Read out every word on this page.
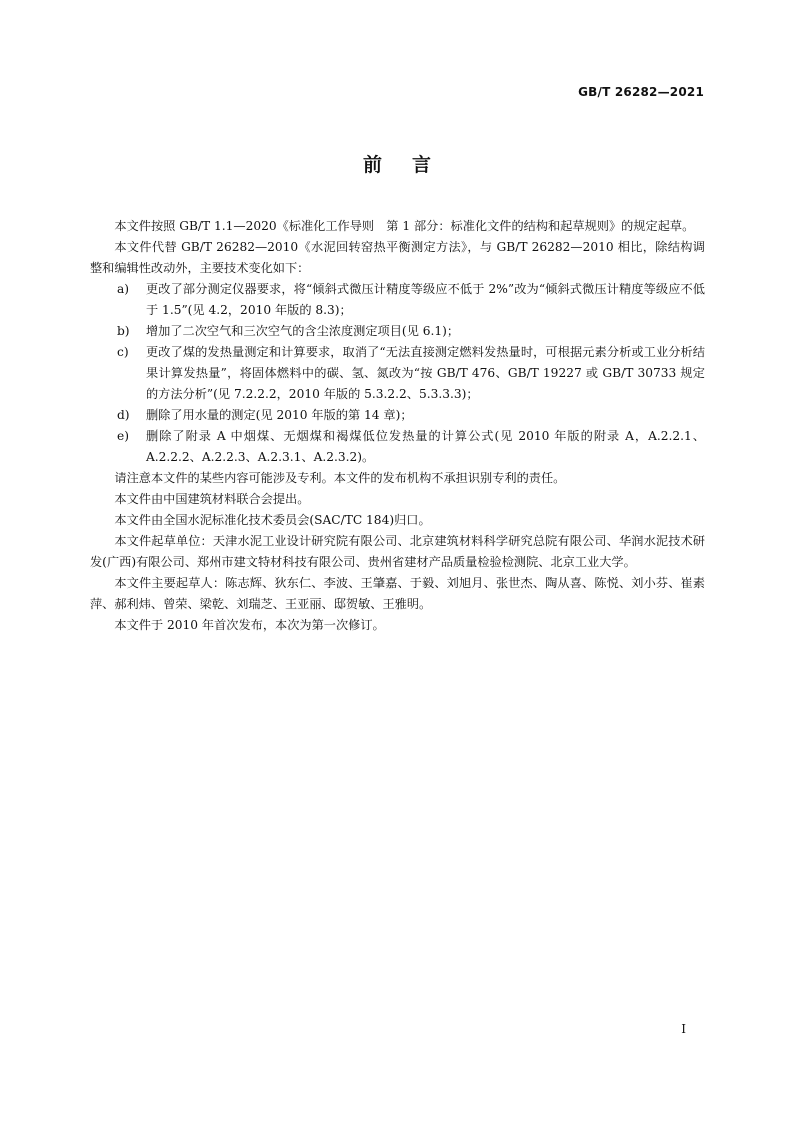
GB/T 26282—2021
前言

本文件按照 GB/T 1.1—2020《标准化工作导则　第 1 部分：标准化文件的结构和起草规则》的规定起草。

本文件代替 GB/T 26282—2010《水泥回转窑热平衡测定方法》，与 GB/T 26282—2010 相比，除结构调整和编辑性改动外，主要技术变化如下：

a) 更改了部分测定仪器要求，将“倾斜式微压计精度等级应不低于 2%”改为“倾斜式微压计精度等级应不低于 1.5”(见 4.2，2010 年版的 8.3)；
b) 增加了二次空气和三次空气的含尘浓度测定项目(见 6.1)；
c) 更改了煤的发热量测定和计算要求，取消了“无法直接测定燃料发热量时，可根据元素分析或工业分析结果计算发热量”，将固体燃料中的碳、氢、氮改为“按 GB/T 476、GB/T 19227 或 GB/T 30733 规定的方法分析”(见 7.2.2.2，2010 年版的 5.3.2.2、5.3.3.3)；
d) 删除了用水量的测定(见 2010 年版的第 14 章)；
e) 删除了附录 A 中烟煤、无烟煤和褐煤低位发热量的计算公式(见 2010 年版的附录 A，A.2.2.1、A.2.2.2、A.2.2.3、A.2.3.1、A.2.3.2)。

请注意本文件的某些内容可能涉及专利。本文件的发布机构不承担识别专利的责任。

本文件由中国建筑材料联合会提出。

本文件由全国水泥标准化技术委员会(SAC/TC 184)归口。

本文件起草单位：天津水泥工业设计研究院有限公司、北京建筑材料科学研究总院有限公司、华润水泥技术研发(广西)有限公司、郑州市建文特材科技有限公司、贵州省建材产品质量检验检测院、北京工业大学。

本文件主要起草人：陈志辉、狄东仁、李波、王肇嘉、于毅、刘旭月、张世杰、陶从喜、陈悦、刘小芬、崔素萍、郝利炜、曾荣、梁乾、刘瑞芝、王亚丽、邸贺敏、王雅明。

本文件于 2010 年首次发布，本次为第一次修订。

I
